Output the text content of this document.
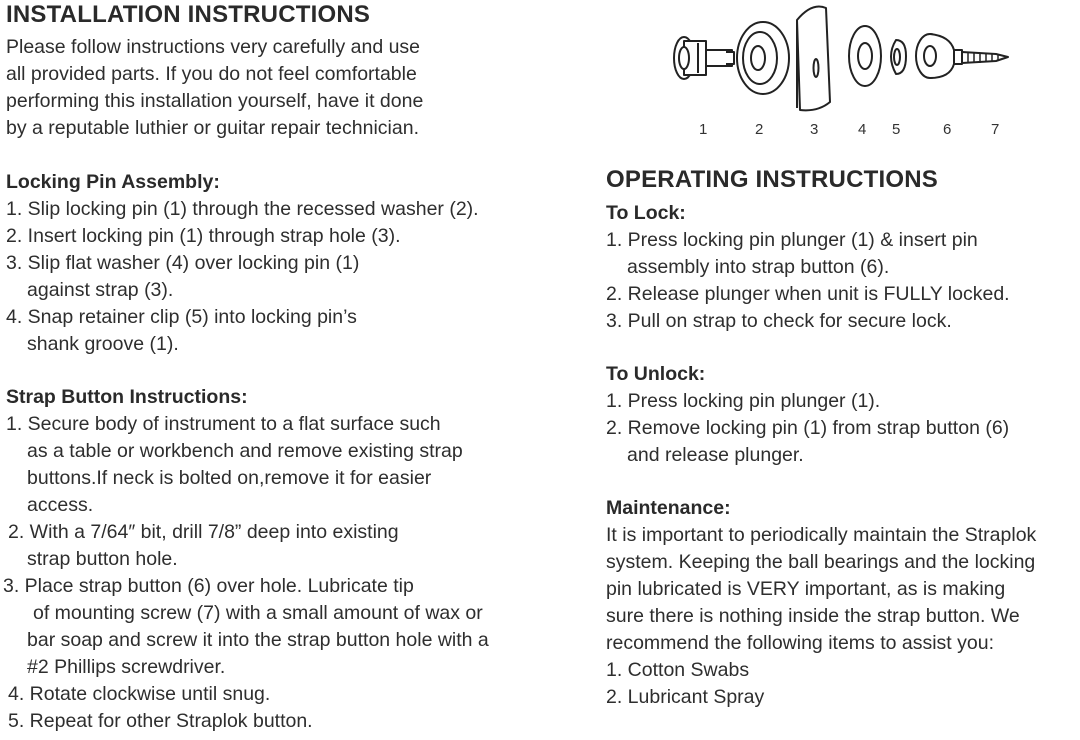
INSTALLATION INSTRUCTIONS
Please follow instructions very carefully and use
all provided parts. If you do not feel comfortable
performing this installation yourself, have it done
by a reputable luthier or guitar repair technician.
Locking Pin Assembly:
1. Slip locking pin (1) through the recessed washer (2).
2. Insert locking pin (1) through strap hole (3).
3. Slip flat washer (4) over locking pin (1)
against strap (3).
4. Snap retainer clip (5) into locking pin’s
shank groove (1).
Strap Button Instructions:
1. Secure body of instrument to a flat surface such
as a table or workbench and remove existing strap
buttons.If neck is bolted on,remove it for easier
access.
2. With a 7/64″ bit, drill 7/8” deep into existing
strap button hole.
3. Place strap button (6) over hole. Lubricate tip
of mounting screw (7) with a small amount of wax or
bar soap and screw it into the strap button hole with a
#2 Phillips screwdriver.
4. Rotate clockwise until snug.
5. Repeat for other Straplok button.
1	2	3	4 5	6	7
OPERATING INSTRUCTIONS
To Lock:
1. Press locking pin plunger (1) & insert pin
assembly into strap button (6).
2. Release plunger when unit is FULLY locked.
3. Pull on strap to check for secure lock.
To Unlock:
1. Press locking pin plunger (1).
2. Remove locking pin (1) from strap button (6)
and release plunger.
Maintenance:
It is important to periodically maintain the Straplok
system. Keeping the ball bearings and the locking
pin lubricated is VERY important, as is making
sure there is nothing inside the strap button. We
recommend the following items to assist you:
1. Cotton Swabs
2. Lubricant Spray
